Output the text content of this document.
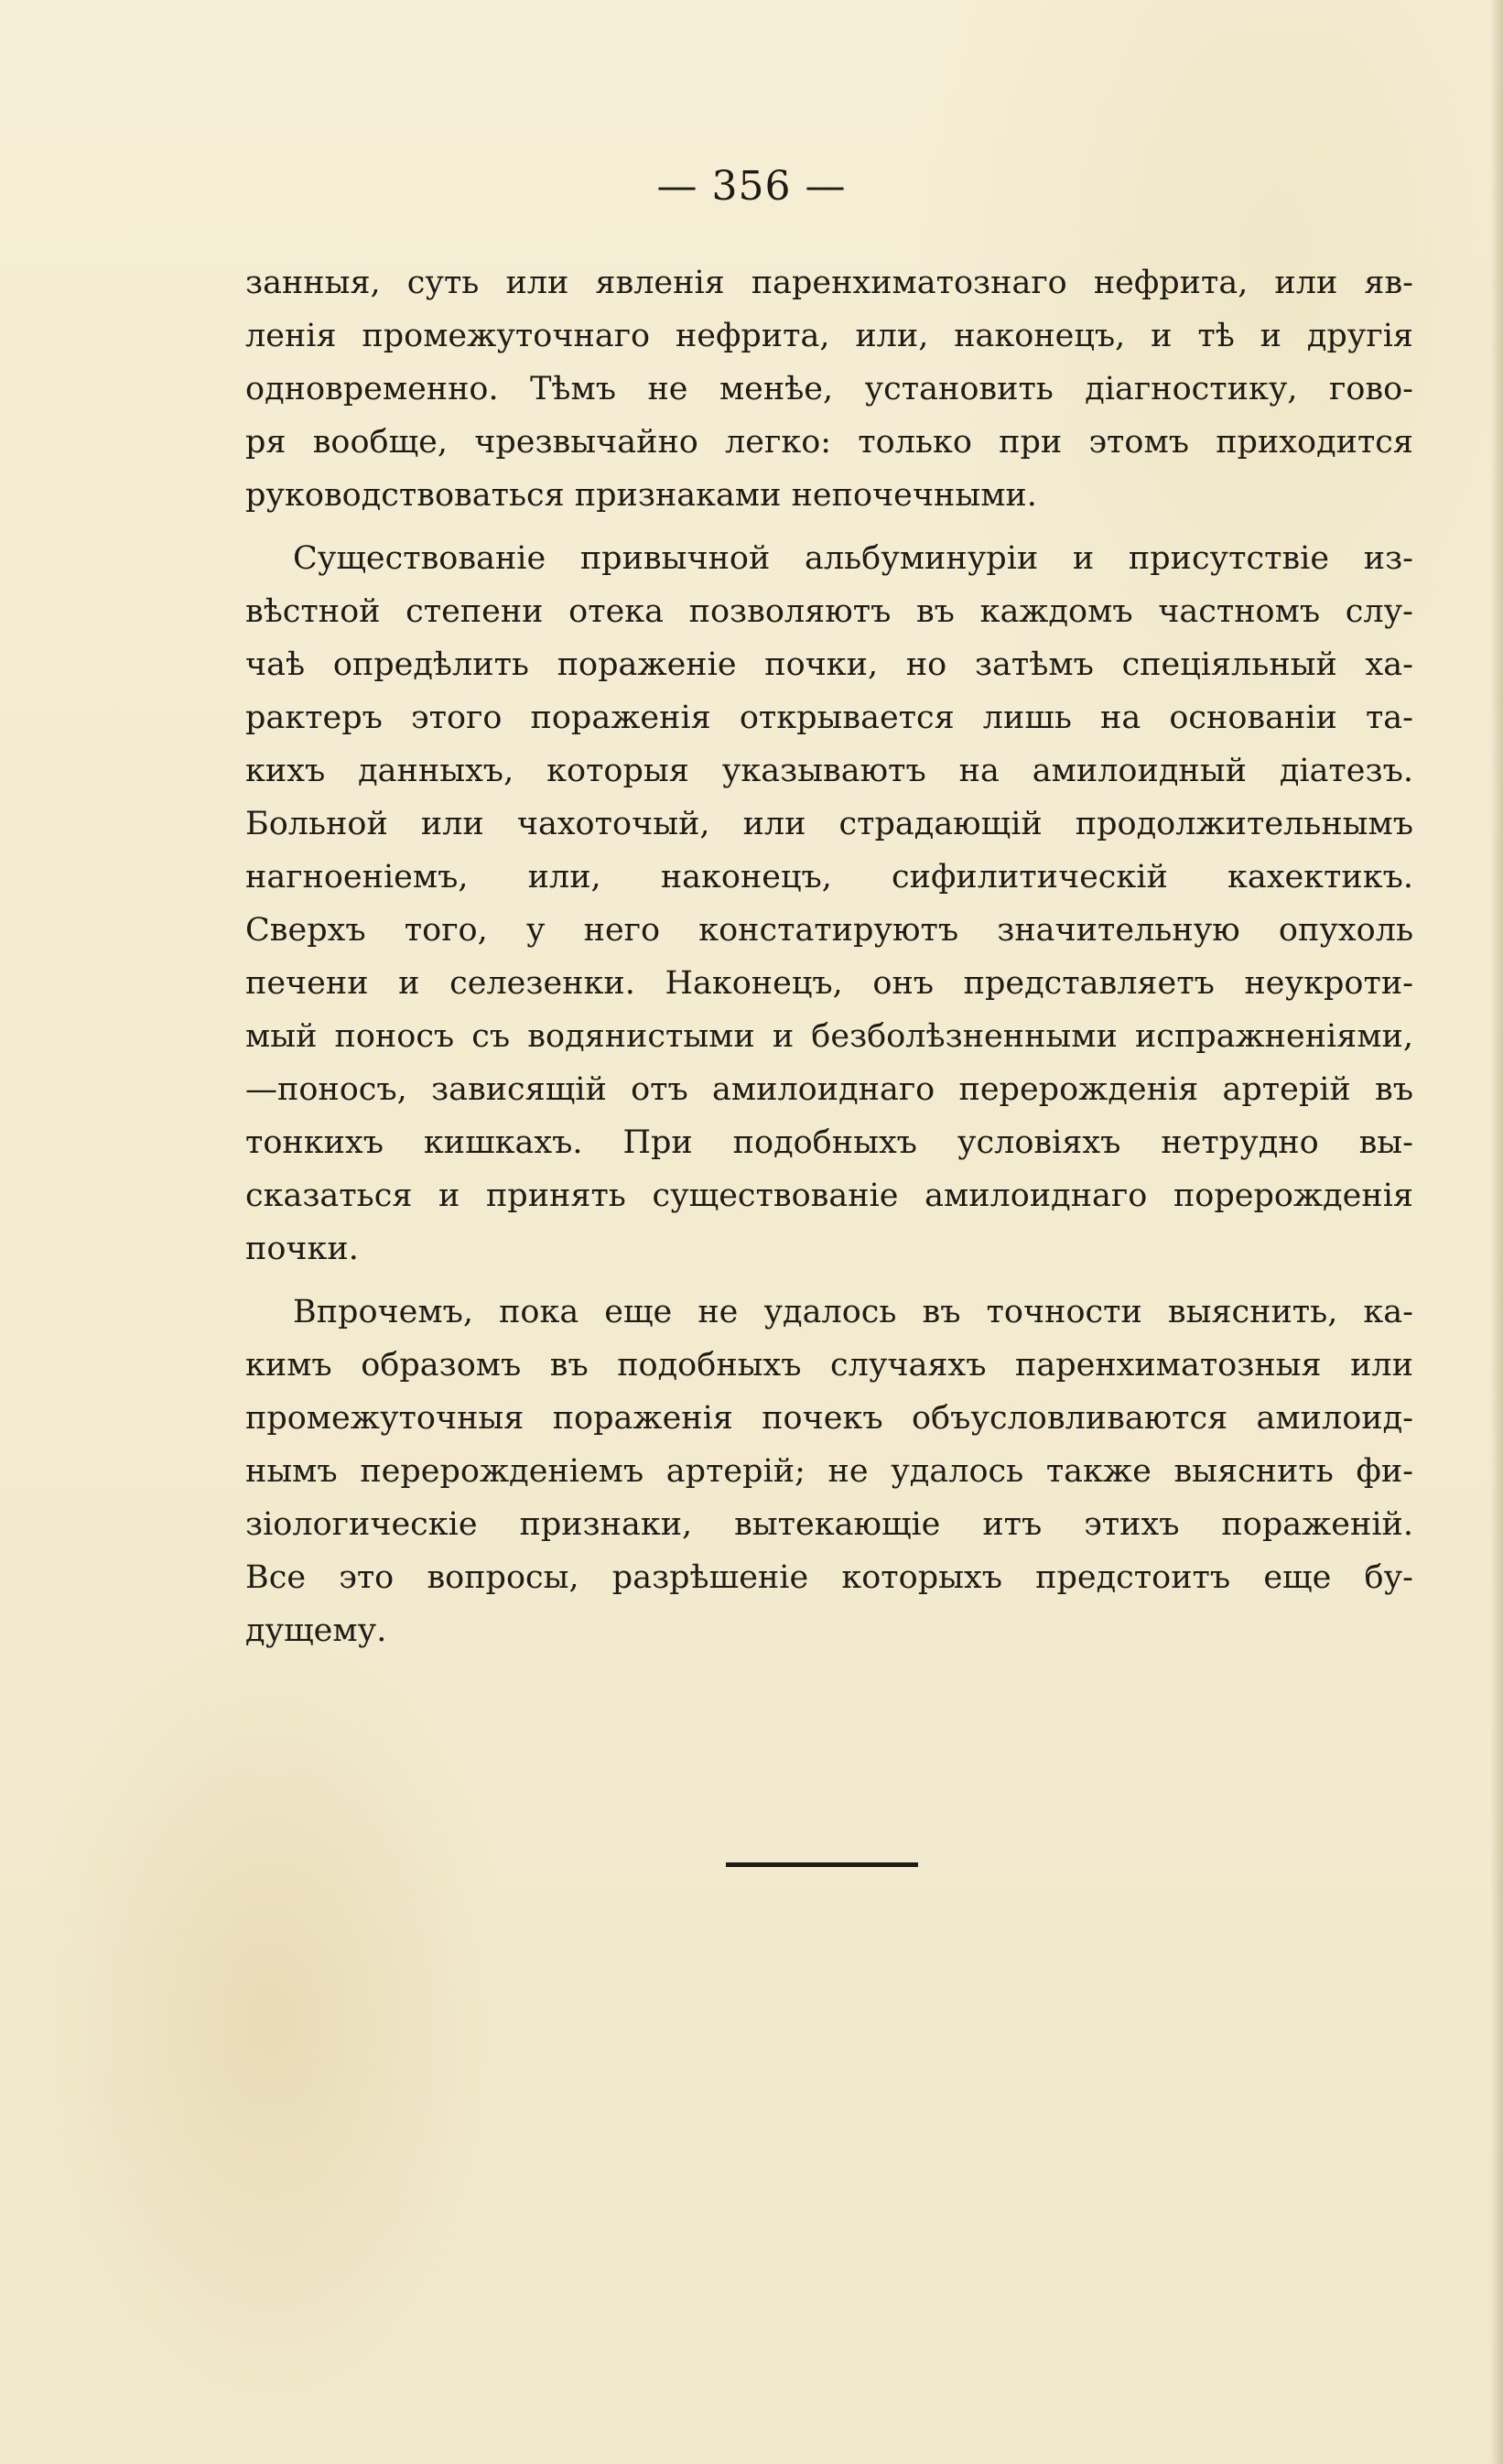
— 356 —
занныя, суть или явленія паренхиматознаго нефрита, или яв-
ленія промежуточнаго нефрита, или, наконецъ, и тѣ и другія
одновременно. Тѣмъ не менѣе, установить діагностику, гово-
ря вообще, чрезвычайно легко: только при этомъ приходится
руководствоваться признаками непочечными.
Существованіе привычной альбуминуріи и присутствіе из-
вѣстной степени отека позволяютъ въ каждомъ частномъ слу-
чаѣ опредѣлить пораженіе почки, но затѣмъ спеціяльный ха-
рактеръ этого пораженія открывается лишь на основаніи та-
кихъ данныхъ, которыя указываютъ на амилоидный діатезъ.
Больной или чахоточый, или страдающій продолжительнымъ
нагноеніемъ, или, наконецъ, сифилитическій кахектикъ.
Сверхъ того, у него констатируютъ значительную опухоль
печени и селезенки. Наконецъ, онъ представляетъ неукроти-
мый поносъ съ водянистыми и безболѣзненными испражненіями,
—поносъ, зависящій отъ амилоиднаго перерожденія артерій въ
тонкихъ кишкахъ. При подобныхъ условіяхъ нетрудно вы-
сказаться и принять существованіе амилоиднаго порерожденія
почки.
Впрочемъ, пока еще не удалось въ точности выяснить, ка-
кимъ образомъ въ подобныхъ случаяхъ паренхиматозныя или
промежуточныя пораженія почекъ объусловливаются амилоид-
нымъ перерожденіемъ артерій; не удалось также выяснить фи-
зіологическіе признаки, вытекающіе итъ этихъ пораженій.
Все это вопросы, разрѣшеніе которыхъ предстоитъ еще бу-
дущему.
